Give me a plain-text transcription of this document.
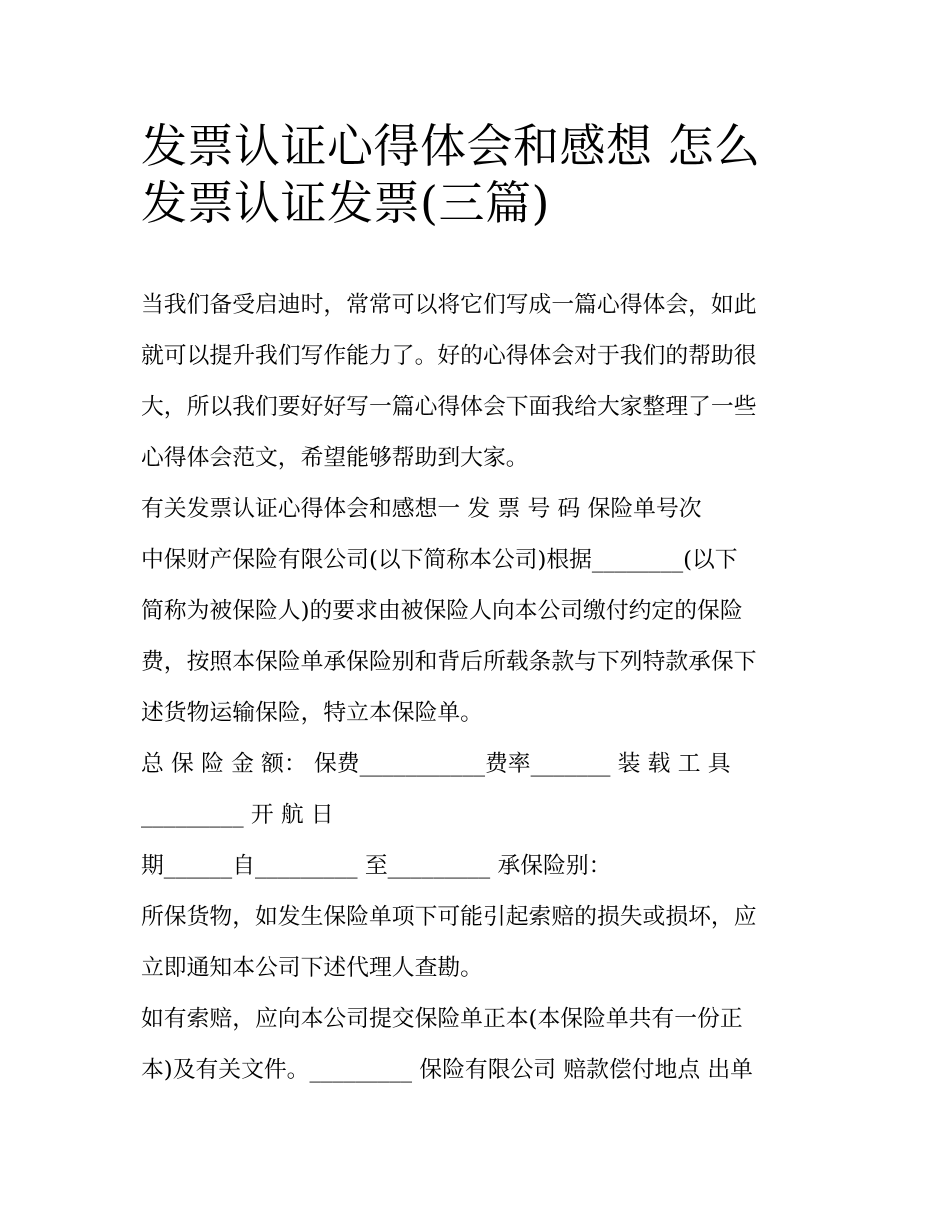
发票认证心得体会和感想 怎么
发票认证发票(三篇)
当我们备受启迪时，常常可以将它们写成一篇心得体会，如此
就可以提升我们写作能力了。好的心得体会对于我们的帮助很
大，所以我们要好好写一篇心得体会下面我给大家整理了一些
心得体会范文，希望能够帮助到大家。
有关发票认证心得体会和感想一 发 票 号 码 保险单号次
中保财产保险有限公司(以下简称本公司)根据________(以下
简称为被保险人)的要求由被保险人向本公司缴付约定的保险
费，按照本保险单承保险别和背后所载条款与下列特款承保下
述货物运输保险，特立本保险单。
总 保 险 金 额： 保费___________费率_______ 装 载 工 具
_________ 开 航 日
期______自_________ 至_________ 承保险别：
所保货物，如发生保险单项下可能引起索赔的损失或损坏，应
立即通知本公司下述代理人查勘。
如有索赔，应向本公司提交保险单正本(本保险单共有一份正
本)及有关文件。_________ 保险有限公司 赔款偿付地点 出单
